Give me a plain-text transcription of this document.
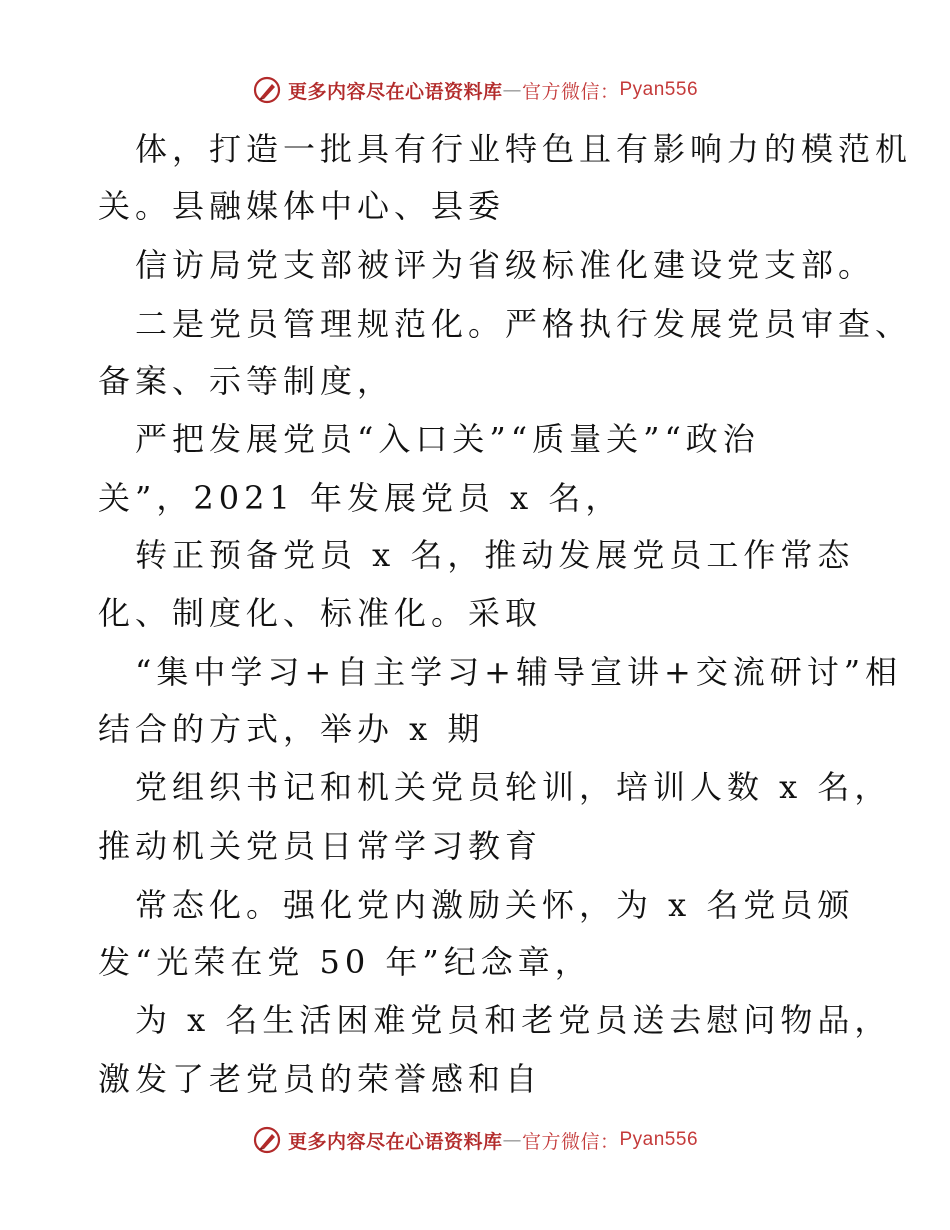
更多内容尽在心语资料库 — 官方微信： Pyan556
体，打造一批具有行业特色且有影响力的模范机
关。县融媒体中心、县委
信访局党支部被评为省级标准化建设党支部。
二是党员管理规范化。严格执行发展党员审查、
备案、示等制度，
严把发展党员“入口关”“质量关”“政治
关”，2021 年发展党员 x 名，
转正预备党员 x 名，推动发展党员工作常态
化、制度化、标准化。采取
“集中学习+自主学习+辅导宣讲+交流研讨”相
结合的方式，举办 x 期
党组织书记和机关党员轮训，培训人数 x 名，
推动机关党员日常学习教育
常态化。强化党内激励关怀，为 x 名党员颁
发“光荣在党 50 年”纪念章，
为 x 名生活困难党员和老党员送去慰问物品，
激发了老党员的荣誉感和自
更多内容尽在心语资料库 — 官方微信： Pyan556
